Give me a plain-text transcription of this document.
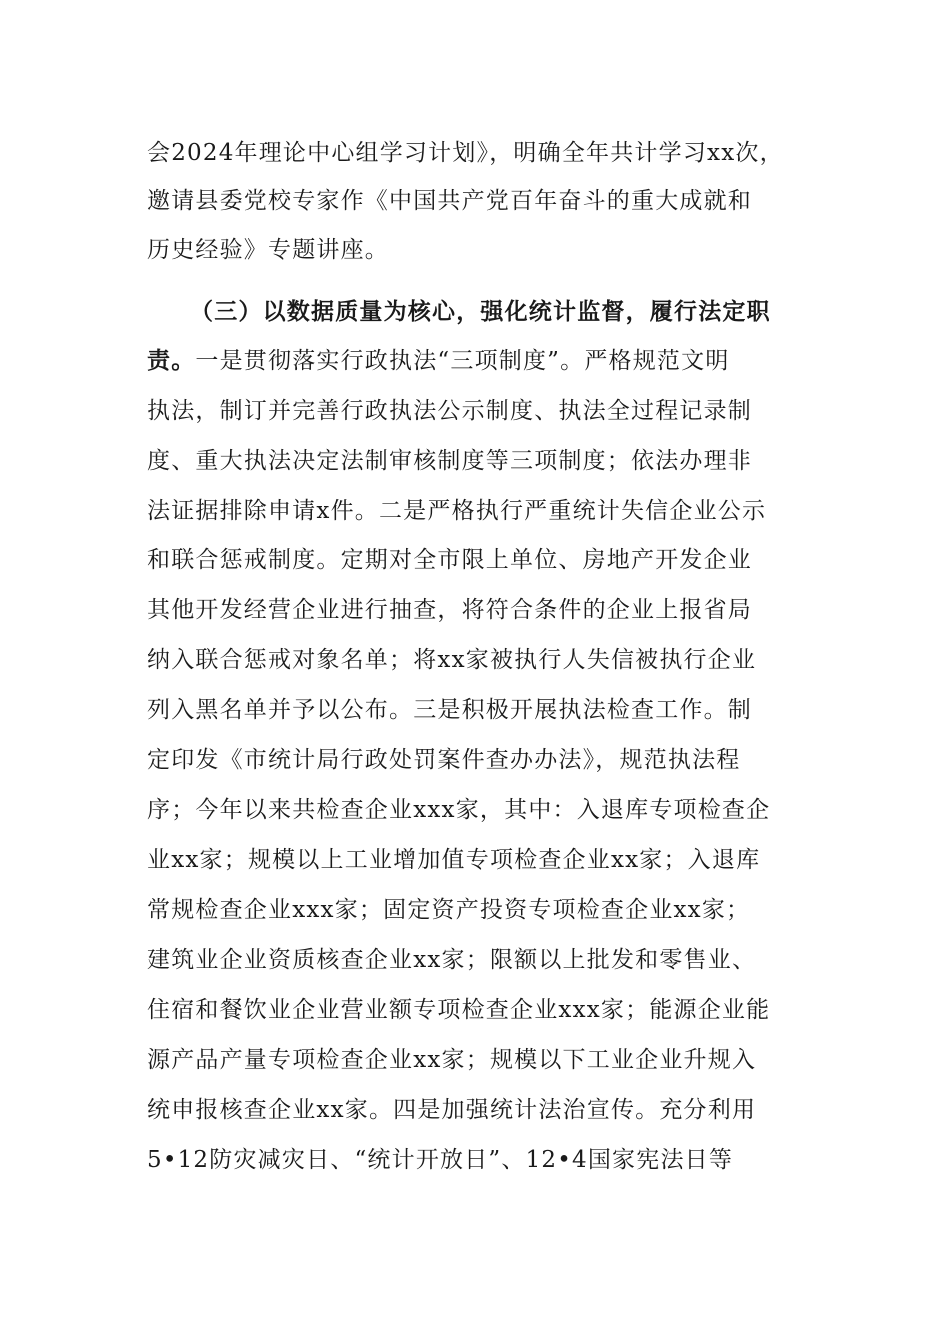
会2024年理论中心组学习计划》，明确全年共计学习xx次，
邀请县委党校专家作《中国共产党百年奋斗的重大成就和
历史经验》专题讲座。
（三）以数据质量为核心，强化统计监督，履行法定职
责。一是贯彻落实行政执法“三项制度”。严格规范文明
执法，制订并完善行政执法公示制度、执法全过程记录制
度、重大执法决定法制审核制度等三项制度；依法办理非
法证据排除申请x件。二是严格执行严重统计失信企业公示
和联合惩戒制度。定期对全市限上单位、房地产开发企业
其他开发经营企业进行抽查，将符合条件的企业上报省局
纳入联合惩戒对象名单；将xx家被执行人失信被执行企业
列入黑名单并予以公布。三是积极开展执法检查工作。制
定印发《市统计局行政处罚案件查办办法》，规范执法程
序；今年以来共检查企业xxx家，其中：入退库专项检查企
业xx家；规模以上工业增加值专项检查企业xx家；入退库
常规检查企业xxx家；固定资产投资专项检查企业xx家；
建筑业企业资质核查企业xx家；限额以上批发和零售业、
住宿和餐饮业企业营业额专项检查企业xxx家；能源企业能
源产品产量专项检查企业xx家；规模以下工业企业升规入
统申报核查企业xx家。四是加强统计法治宣传。充分利用
5•12防灾减灾日、“统计开放日”、12•4国家宪法日等
